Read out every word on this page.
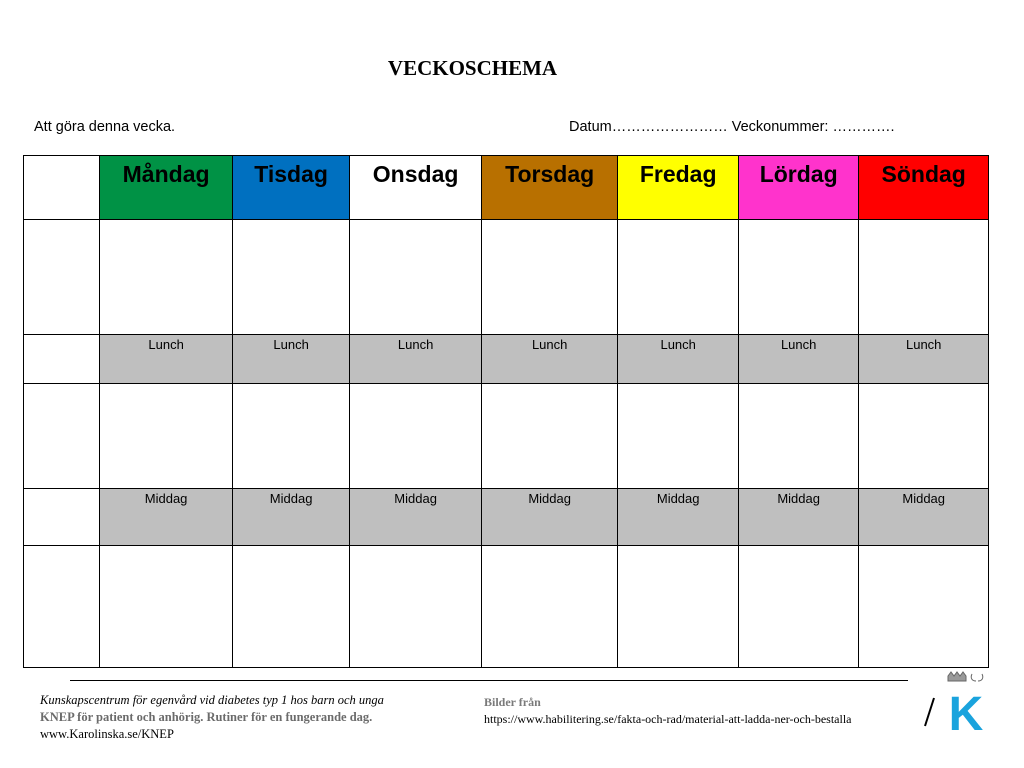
VECKOSCHEMA
Att göra denna vecka.	Datum…………………… Veckonummer: ………….
	Måndag	Tisdag	Onsdag	Torsdag	Fredag	Lördag	Söndag

	Lunch	Lunch	Lunch	Lunch	Lunch	Lunch	Lunch

	Middag	Middag	Middag	Middag	Middag	Middag	Middag

Kunskapscentrum för egenvård vid diabetes typ 1 hos barn och unga
KNEP för patient och anhörig. Rutiner för en fungerande dag.
www.Karolinska.se/KNEP
Bilder från
https://www.habilitering.se/fakta-och-rad/material-att-ladda-ner-och-bestalla	K
